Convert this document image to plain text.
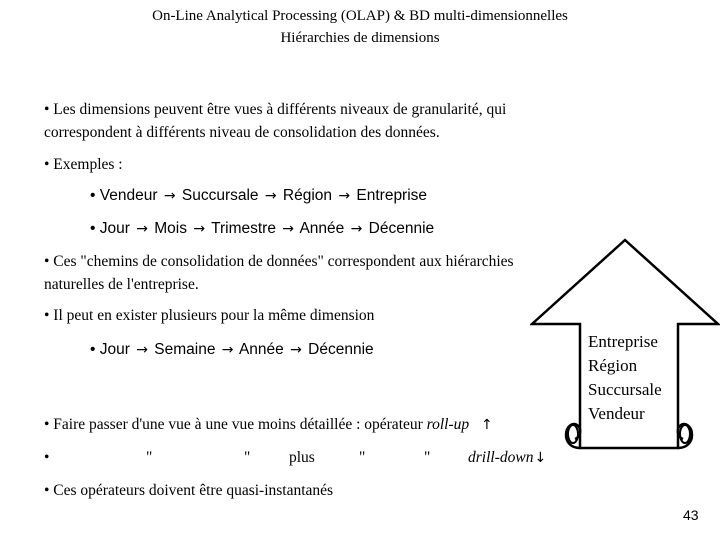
On-Line Analytical Processing (OLAP) & BD multi-dimensionnelles
Hiérarchies de dimensions
• Les dimensions peuvent être vues à différents niveaux de granularité, qui
correspondent à différents niveau de consolidation des données.
• Exemples :
• Vendeur → Succursale → Région → Entreprise
• Jour → Mois → Trimestre → Année → Décennie
• Ces "chemins de consolidation de données" correspondent aux hiérarchies
naturelles de l'entreprise.
• Il peut en exister plusieurs pour la même dimension
• Jour → Semaine → Année → Décennie
• Faire passer d'une vue à une vue moins détaillée : opérateur roll-up ↑
•	"	" plus	"	" drill-down↓
• Ces opérateurs doivent être quasi-instantanés
Entreprise
Région
Succursale
Vendeur
43
